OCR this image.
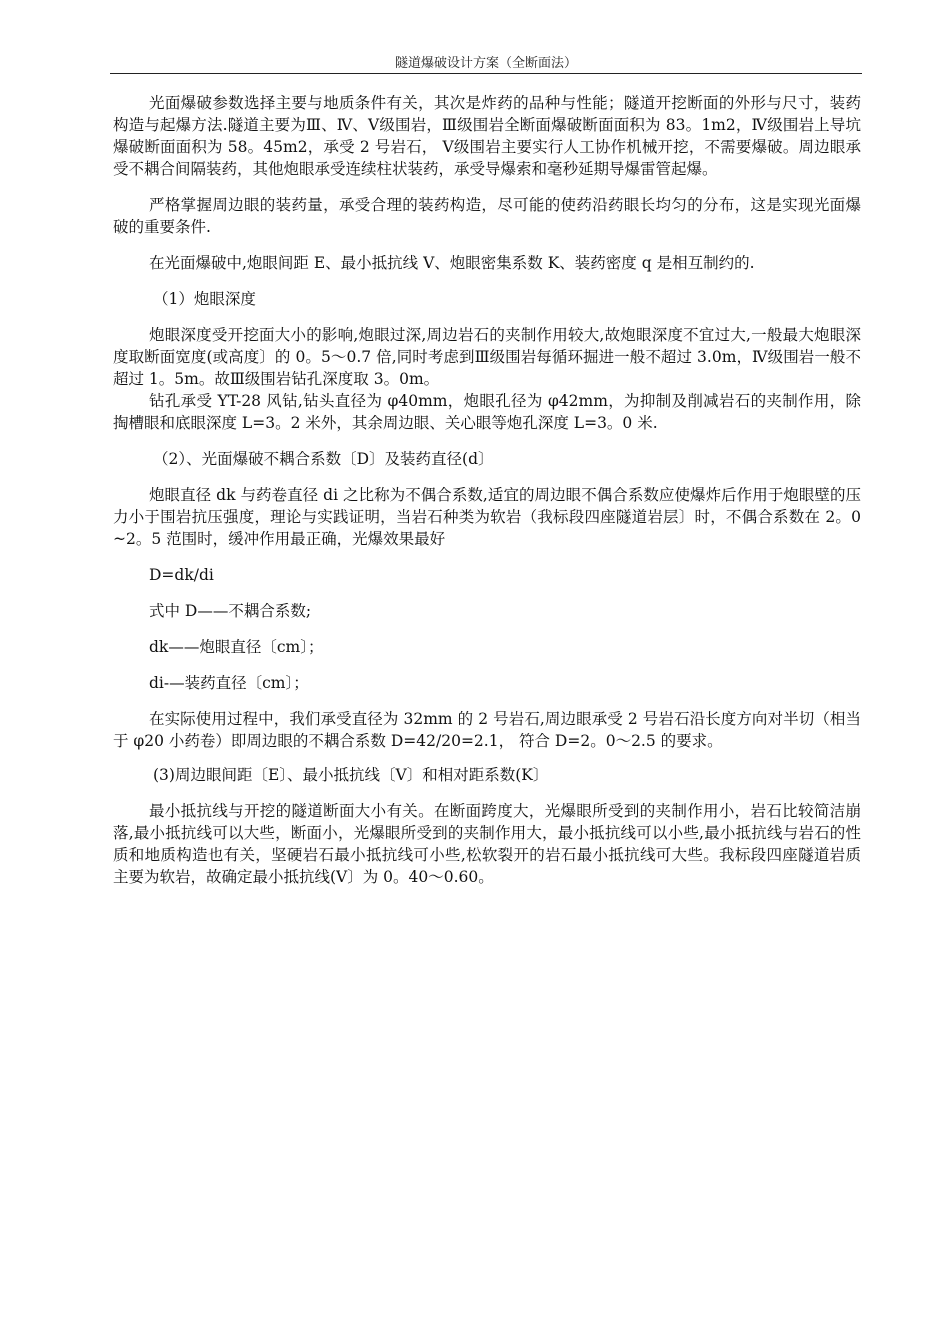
隧道爆破设计方案（全断面法）

光面爆破参数选择主要与地质条件有关，其次是炸药的品种与性能；隧道开挖断面的外形与尺寸，装药构造与起爆方法.隧道主要为Ⅲ、Ⅳ、Ⅴ级围岩，Ⅲ级围岩全断面爆破断面面积为 83。1m2，Ⅳ级围岩上导坑爆破断面面积为 58。45m2，承受 2 号岩石， Ⅴ级围岩主要实行人工协作机械开挖，不需要爆破。周边眼承受不耦合间隔装药，其他炮眼承受连续柱状装药，承受导爆索和毫秒延期导爆雷管起爆。

严格掌握周边眼的装药量，承受合理的装药构造，尽可能的使药沿药眼长均匀的分布，这是实现光面爆破的重要条件.

在光面爆破中,炮眼间距 E、最小抵抗线 V、炮眼密集系数 K、装药密度 q 是相互制约的.

（1）炮眼深度

炮眼深度受开挖面大小的影响,炮眼过深,周边岩石的夹制作用较大,故炮眼深度不宜过大,一般最大炮眼深度取断面宽度(或高度〕的 0。5～0.7 倍,同时考虑到Ⅲ级围岩每循环掘进一般不超过 3.0m，Ⅳ级围岩一般不超过 1。5m。故Ⅲ级围岩钻孔深度取 3。0m。

钻孔承受 YT-28 风钻,钻头直径为 φ40mm，炮眼孔径为 φ42mm，为抑制及削减岩石的夹制作用，除掏槽眼和底眼深度 L=3。2 米外，其余周边眼、关心眼等炮孔深度 L=3。0 米.

（2）、光面爆破不耦合系数〔D〕及装药直径(d〕

炮眼直径 dk 与药卷直径 di 之比称为不偶合系数,适宜的周边眼不偶合系数应使爆炸后作用于炮眼壁的压力小于围岩抗压强度，理论与实践证明，当岩石种类为软岩（我标段四座隧道岩层〕时，不偶合系数在 2。0~2。5 范围时，缓冲作用最正确，光爆效果最好

D=dk/di

式中 D——不耦合系数;

dk——炮眼直径〔cm〕；

di-—装药直径〔cm〕；

在实际使用过程中，我们承受直径为 32mm 的 2 号岩石,周边眼承受 2 号岩石沿长度方向对半切（相当于 φ20 小药卷）即周边眼的不耦合系数 D=42/20=2.1， 符合 D=2。0～2.5 的要求。

(3)周边眼间距〔E〕、最小抵抗线〔V〕和相对距系数(K〕

最小抵抗线与开挖的隧道断面大小有关。在断面跨度大，光爆眼所受到的夹制作用小，岩石比较简洁崩落,最小抵抗线可以大些，断面小，光爆眼所受到的夹制作用大，最小抵抗线可以小些,最小抵抗线与岩石的性质和地质构造也有关，坚硬岩石最小抵抗线可小些,松软裂开的岩石最小抵抗线可大些。我标段四座隧道岩质主要为软岩，故确定最小抵抗线(V〕为 0。40～0.60。
